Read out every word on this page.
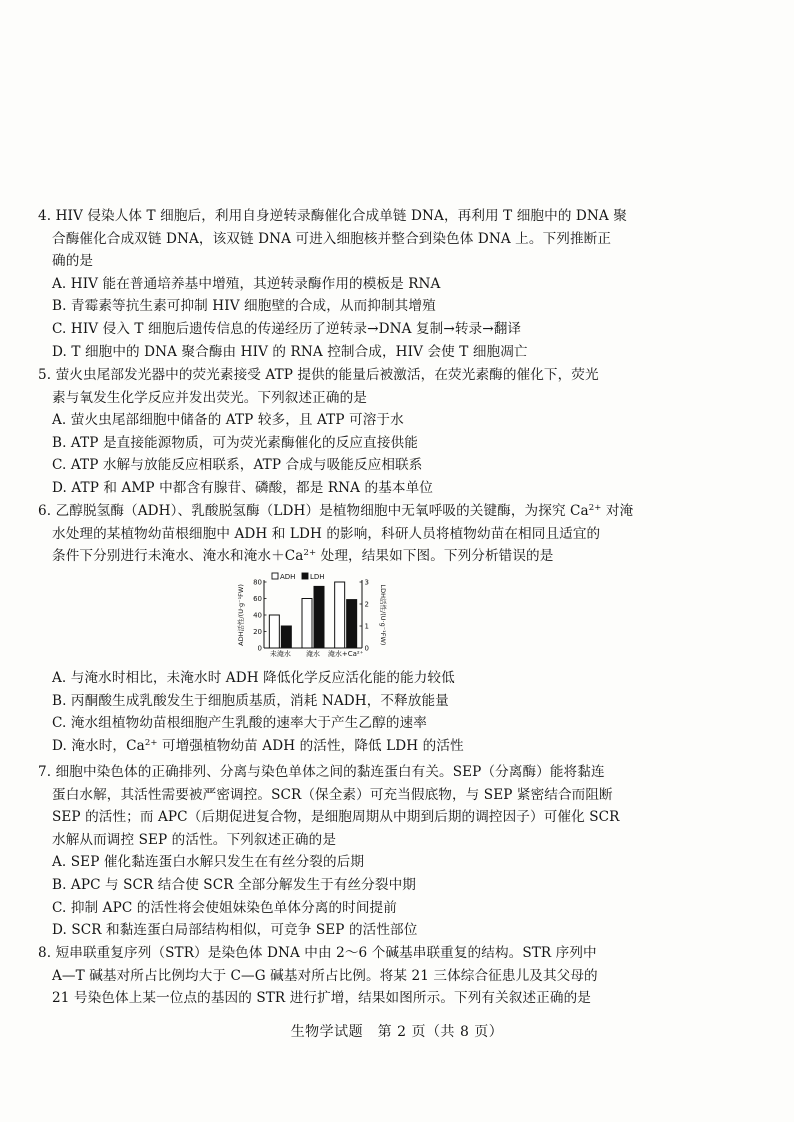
4. HIV 侵染人体 T 细胞后，利用自身逆转录酶催化合成单链 DNA，再利用 T 细胞中的 DNA 聚
合酶催化合成双链 DNA，该双链 DNA 可进入细胞核并整合到染色体 DNA 上。下列推断正
确的是
A. HIV 能在普通培养基中增殖，其逆转录酶作用的模板是 RNA
B. 青霉素等抗生素可抑制 HIV 细胞壁的合成，从而抑制其增殖
C. HIV 侵入 T 细胞后遗传信息的传递经历了逆转录→DNA 复制→转录→翻译
D. T 细胞中的 DNA 聚合酶由 HIV 的 RNA 控制合成，HIV 会使 T 细胞凋亡
5. 萤火虫尾部发光器中的荧光素接受 ATP 提供的能量后被激活，在荧光素酶的催化下，荧光
素与氧发生化学反应并发出荧光。下列叙述正确的是
A. 萤火虫尾部细胞中储备的 ATP 较多，且 ATP 可溶于水
B. ATP 是直接能源物质，可为荧光素酶催化的反应直接供能
C. ATP 水解与放能反应相联系，ATP 合成与吸能反应相联系
D. ATP 和 AMP 中都含有腺苷、磷酸，都是 RNA 的基本单位
6. 乙醇脱氢酶（ADH）、乳酸脱氢酶（LDH）是植物细胞中无氧呼吸的关键酶，为探究 $Ca^{2+}$ 对淹
水处理的某植物幼苗根细胞中 ADH 和 LDH 的影响，科研人员将植物幼苗在相同且适宜的
条件下分别进行未淹水、淹水和淹水$+Ca^{2+}$ 处理，结果如下图。下列分析错误的是
0
20
40
60
80
0
1
2
3
ADH活性/(U·g⁻¹FW)	LDH活性/(U·g⁻¹FW)
未淹水 淹水 淹水+Ca²⁺
ADH LDH
A. 与淹水时相比，未淹水时 ADH 降低化学反应活化能的能力较低
B. 丙酮酸生成乳酸发生于细胞质基质，消耗 NADH，不释放能量
C. 淹水组植物幼苗根细胞产生乳酸的速率大于产生乙醇的速率
D. 淹水时，$Ca^{2+}$ 可增强植物幼苗 ADH 的活性，降低 LDH 的活性
7. 细胞中染色体的正确排列、分离与染色单体之间的黏连蛋白有关。SEP（分离酶）能将黏连
蛋白水解，其活性需要被严密调控。SCR（保全素）可充当假底物，与 SEP 紧密结合而阻断
SEP 的活性；而 APC（后期促进复合物，是细胞周期从中期到后期的调控因子）可催化 SCR
水解从而调控 SEP 的活性。下列叙述正确的是
A. SEP 催化黏连蛋白水解只发生在有丝分裂的后期
B. APC 与 SCR 结合使 SCR 全部分解发生于有丝分裂中期
C. 抑制 APC 的活性将会使姐妹染色单体分离的时间提前
D. SCR 和黏连蛋白局部结构相似，可竞争 SEP 的活性部位
8. 短串联重复序列（STR）是染色体 DNA 中由 2～6 个碱基串联重复的结构。STR 序列中
A—T 碱基对所占比例均大于 C—G 碱基对所占比例。将某 21 三体综合征患儿及其父母的
21 号染色体上某一位点的基因的 STR 进行扩增，结果如图所示。下列有关叙述正确的是
生物学试题　第 2 页（共 8 页）
